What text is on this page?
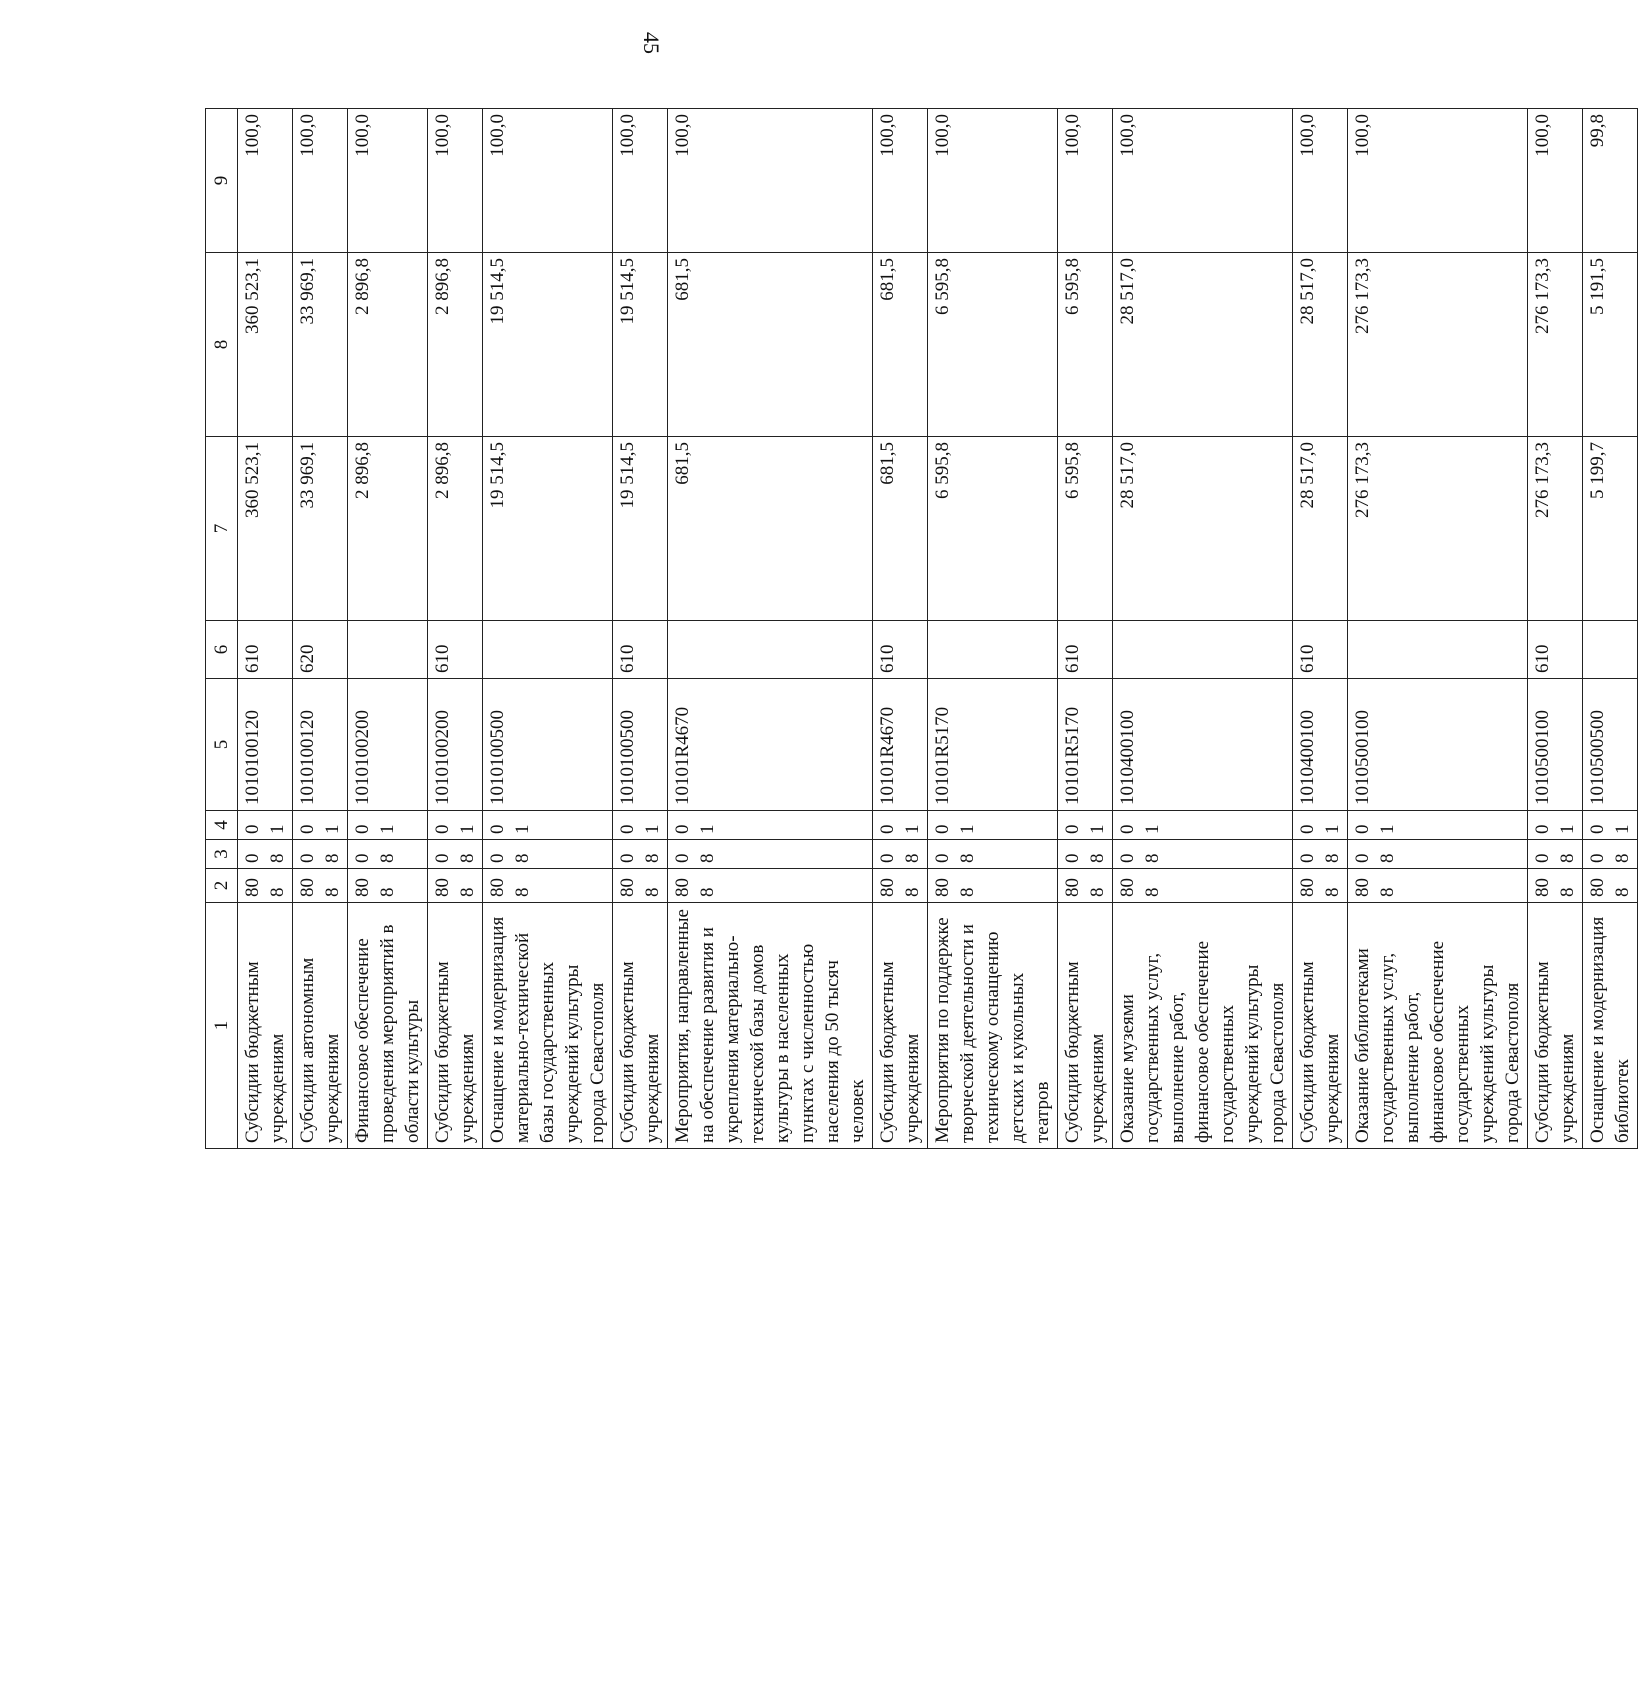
45
1	2	3	4	5	6	7	8	9
Субсидии бюджетным учреждениям	808	08	01	1010100120	610	360 523,1	360 523,1	100,0
Субсидии автономным учреждениям	808	08	01	1010100120	620	33 969,1	33 969,1	100,0
Финансовое обеспечение проведения мероприятий в области культуры	808	08	01	1010100200		2 896,8	2 896,8	100,0
Субсидии бюджетным учреждениям	808	08	01	1010100200	610	2 896,8	2 896,8	100,0
Оснащение и модернизация материально-технической базы государственных учреждений культуры города Севастополя	808	08	01	1010100500		19 514,5	19 514,5	100,0
Субсидии бюджетным учреждениям	808	08	01	1010100500	610	19 514,5	19 514,5	100,0
Мероприятия, направленные на обеспечение развития и укрепления материально-технической базы домов культуры в населенных пунктах с численностью населения до 50 тысяч человек	808	08	01	10101R4670		681,5	681,5	100,0
Субсидии бюджетным учреждениям	808	08	01	10101R4670	610	681,5	681,5	100,0
Мероприятия по поддержке творческой деятельности и техническому оснащению детских и кукольных театров	808	08	01	10101R5170		6 595,8	6 595,8	100,0
Субсидии бюджетным учреждениям	808	08	01	10101R5170	610	6 595,8	6 595,8	100,0
Оказание музеями государственных услуг, выполнение работ, финансовое обеспечение государственных учреждений культуры города Севастополя	808	08	01	1010400100		28 517,0	28 517,0	100,0
Субсидии бюджетным учреждениям	808	08	01	1010400100	610	28 517,0	28 517,0	100,0
Оказание библиотеками государственных услуг, выполнение работ, финансовое обеспечение государственных учреждений культуры города Севастополя	808	08	01	1010500100		276 173,3	276 173,3	100,0
Субсидии бюджетным учреждениям	808	08	01	1010500100	610	276 173,3	276 173,3	100,0
Оснащение и модернизация библиотек	808	08	01	1010500500		5 199,7	5 191,5	99,8
